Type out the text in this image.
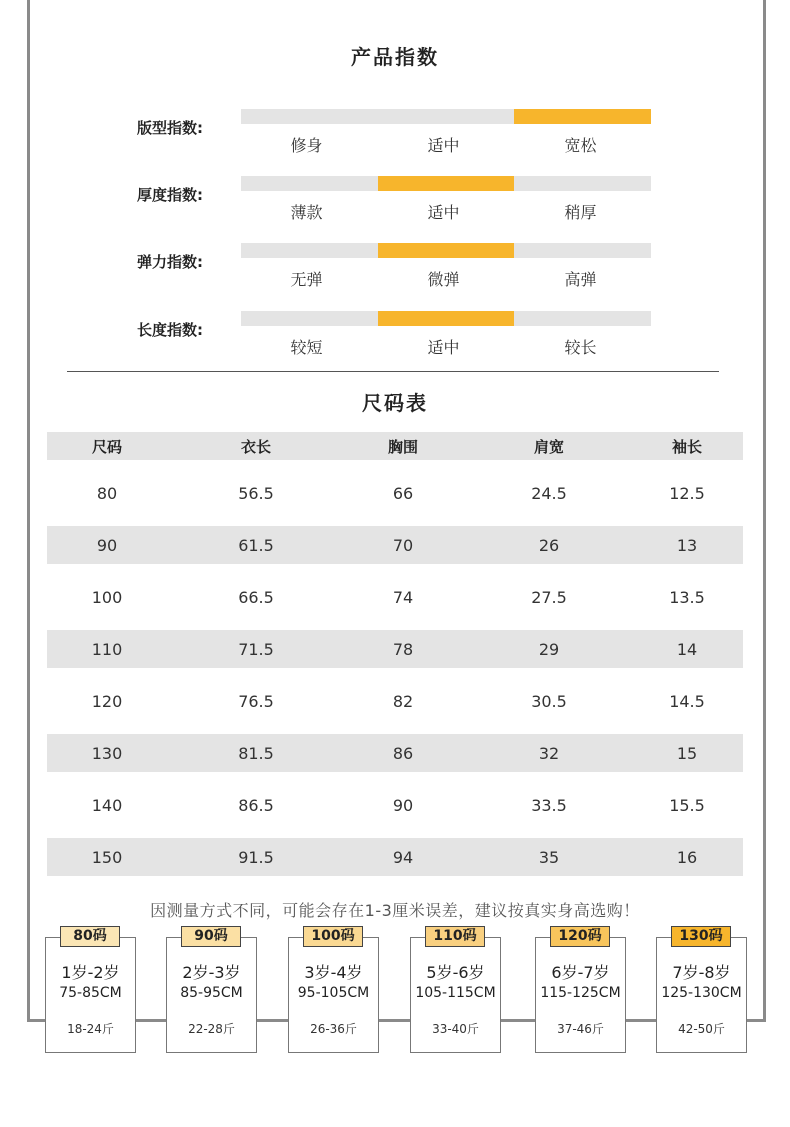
产品指数
版型指数:
修身	适中	宽松
厚度指数:
薄款	适中	稍厚
弹力指数:
无弹	微弹	高弹
长度指数:
较短	适中	较长
尺码表
尺码	衣长	胸围	肩宽	袖长
80	56.5	66	24.5	12.5
90	61.5	70	26	13
100	66.5	74	27.5	13.5
110	71.5	78	29	14
120	76.5	82	30.5	14.5
130	81.5	86	32	15
140	86.5	90	33.5	15.5
150	91.5	94	35	16
因测量方式不同，可能会存在1-3厘米误差，建议按真实身高选购！
80码
1岁-2岁
75-85CM
18-24斤
90码
2岁-3岁
85-95CM
22-28斤
100码
3岁-4岁
95-105CM
26-36斤
110码
5岁-6岁
105-115CM
33-40斤
120码
6岁-7岁
115-125CM
37-46斤
130码
7岁-8岁
125-130CM
42-50斤
